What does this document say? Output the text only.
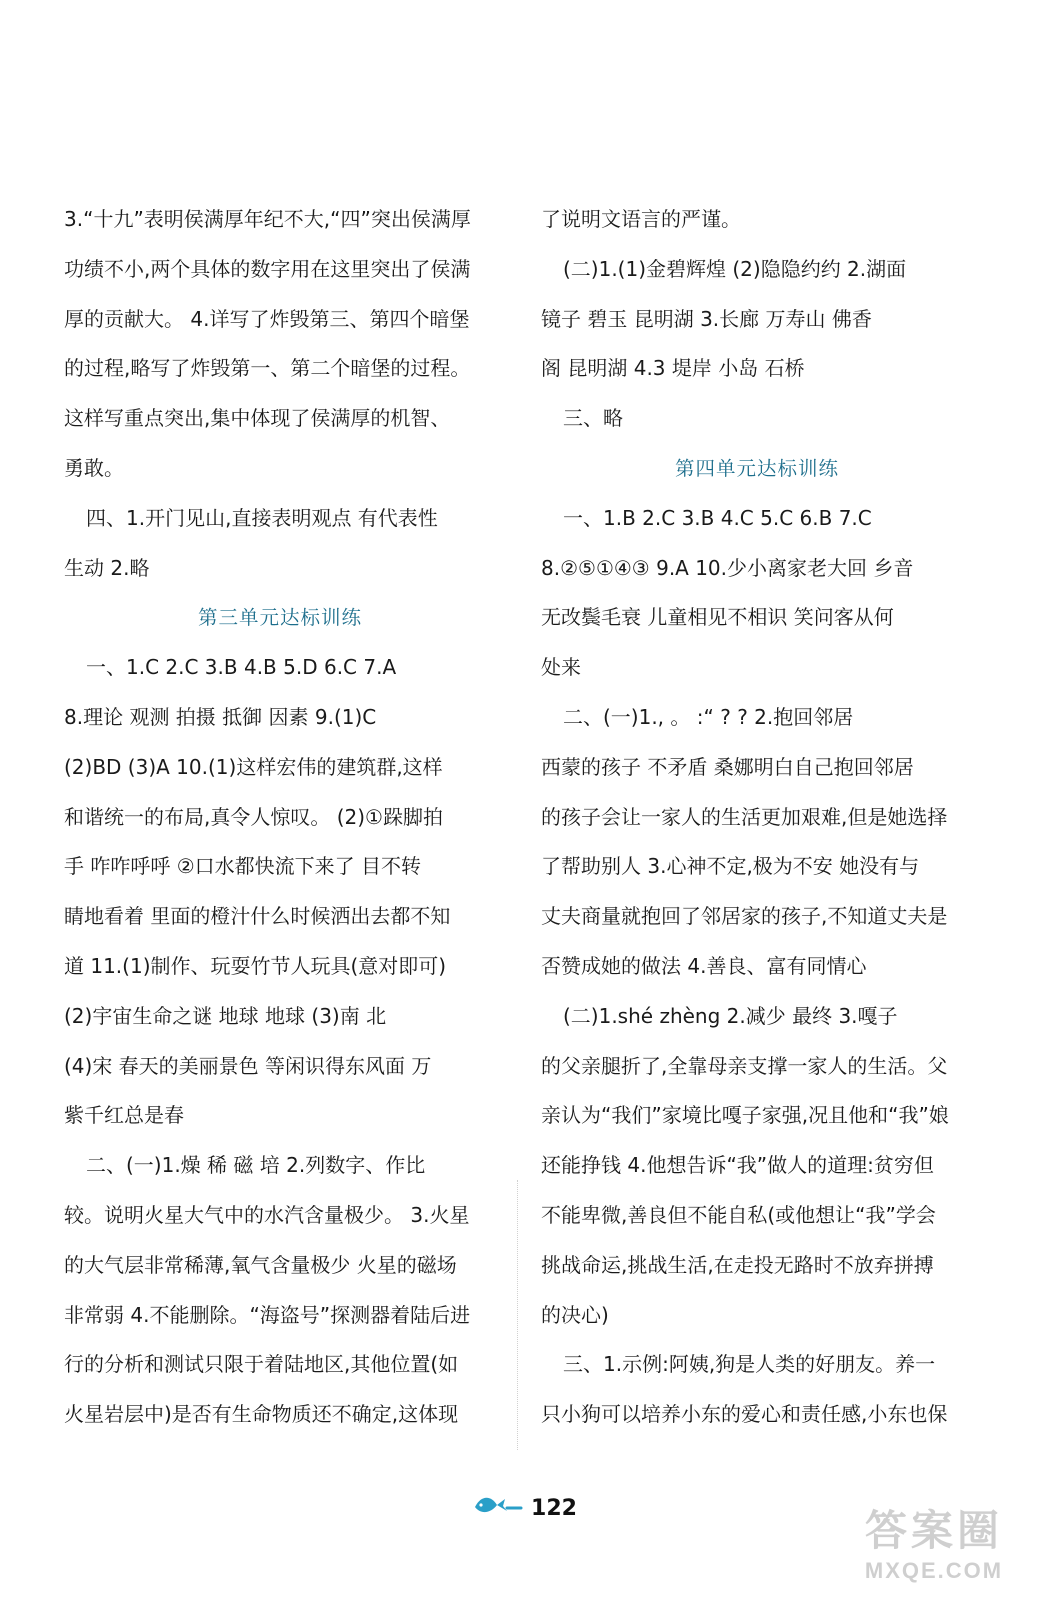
3.“十九”表明侯满厚年纪不大,“四”突出侯满厚
功绩不小,两个具体的数字用在这里突出了侯满
厚的贡献大。 4.详写了炸毁第三、第四个暗堡
的过程,略写了炸毁第一、第二个暗堡的过程。
这样写重点突出,集中体现了侯满厚的机智、
勇敢。
四、1.开门见山,直接表明观点 有代表性
生动 2.略
第三单元达标训练
一、1.C 2.C 3.B 4.B 5.D 6.C 7.A
8.理论 观测 拍摄 抵御 因素 9.(1)C
(2)BD (3)A 10.(1)这样宏伟的建筑群,这样
和谐统一的布局,真令人惊叹。 (2)①跺脚拍
手 咋咋呼呼 ②口水都快流下来了 目不转
睛地看着 里面的橙汁什么时候洒出去都不知
道 11.(1)制作、玩耍竹节人玩具(意对即可)
(2)宇宙生命之谜 地球 地球 (3)南 北
(4)宋 春天的美丽景色 等闲识得东风面 万
紫千红总是春
二、(一)1.燥 稀 磁 培 2.列数字、作比
较。说明火星大气中的水汽含量极少。 3.火星
的大气层非常稀薄,氧气含量极少 火星的磁场
非常弱 4.不能删除。“海盗号”探测器着陆后进
行的分析和测试只限于着陆地区,其他位置(如
火星岩层中)是否有生命物质还不确定,这体现
了说明文语言的严谨。
(二)1.(1)金碧辉煌 (2)隐隐约约 2.湖面
镜子 碧玉 昆明湖 3.长廊 万寿山 佛香
阁 昆明湖 4.3 堤岸 小岛 石桥
三、略
第四单元达标训练
一、1.B 2.C 3.B 4.C 5.C 6.B 7.C
8.②⑤①④③ 9.A 10.少小离家老大回 乡音
无改鬓毛衰 儿童相见不相识 笑问客从何
处来
二、(一)1., 。 :“ ? ? 2.抱回邻居
西蒙的孩子 不矛盾 桑娜明白自己抱回邻居
的孩子会让一家人的生活更加艰难,但是她选择
了帮助别人 3.心神不定,极为不安 她没有与
丈夫商量就抱回了邻居家的孩子,不知道丈夫是
否赞成她的做法 4.善良、富有同情心
(二)1.shé zhèng 2.减少 最终 3.嘎子
的父亲腿折了,全靠母亲支撑一家人的生活。父
亲认为“我们”家境比嘎子家强,况且他和“我”娘
还能挣钱 4.他想告诉“我”做人的道理:贫穷但
不能卑微,善良但不能自私(或他想让“我”学会
挑战命运,挑战生活,在走投无路时不放弃拼搏
的决心)
三、1.示例:阿姨,狗是人类的好朋友。养一
只小狗可以培养小东的爱心和责任感,小东也保
122	答案圈
MXQE.COM
